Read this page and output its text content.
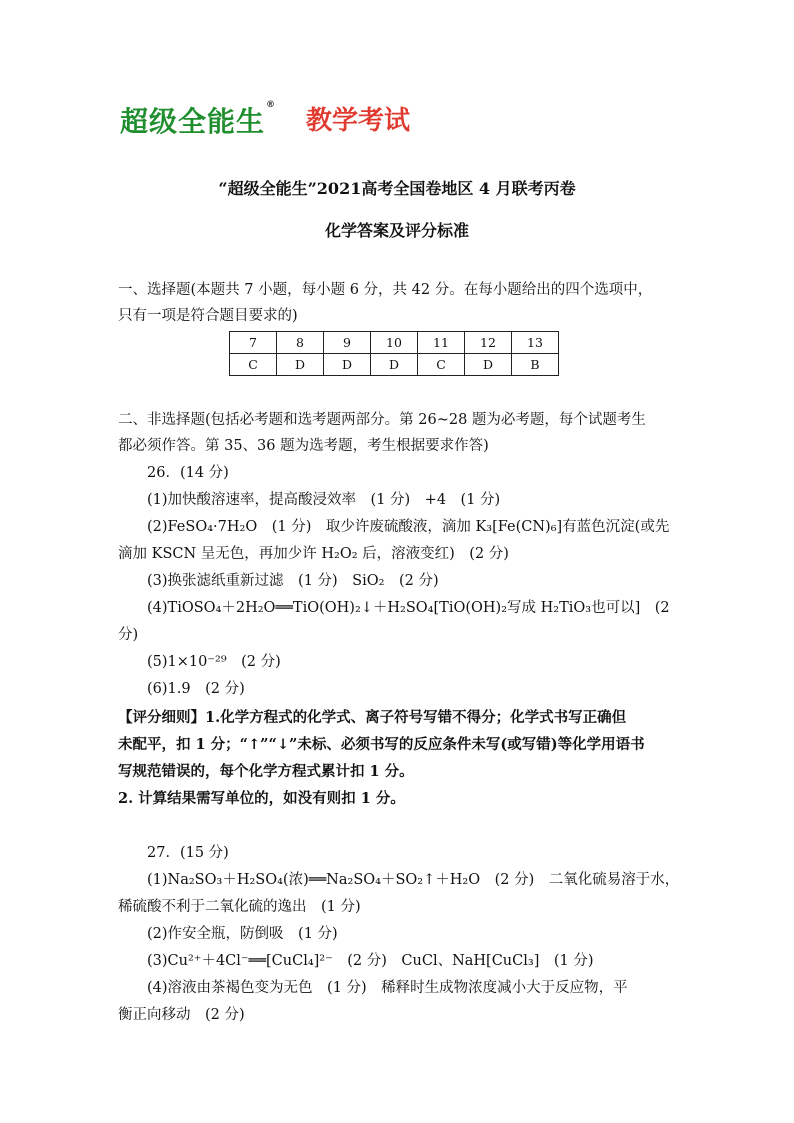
超级全能生®
教学考试
“超级全能生”2021高考全国卷地区 4 月联考丙卷
化学答案及评分标准
一、选择题(本题共 7 小题，每小题 6 分，共 42 分。在每小题给出的四个选项中，
只有一项是符合题目要求的)
7	8	9	10	11	12	13
C	D	D	D	C	D	B
二、非选择题(包括必考题和选考题两部分。第 26~28 题为必考题，每个试题考生
都必须作答。第 35、36 题为选考题，考生根据要求作答)
26．(14 分)
(1)加快酸溶速率，提高酸浸效率　(1 分)　+4　(1 分)
(2)FeSO₄·7H₂O　(1 分)　取少许废硫酸液，滴加 K₃[Fe(CN)₆]有蓝色沉淀(或先
滴加 KSCN 呈无色，再加少许 H₂O₂ 后，溶液变红)　(2 分)
(3)换张滤纸重新过滤　(1 分)　SiO₂　(2 分)
(4)TiOSO₄＋2H₂O══TiO(OH)₂↓＋H₂SO₄[TiO(OH)₂写成 H₂TiO₃也可以]　(2
分)
(5)1×10⁻²⁹　(2 分)
(6)1.9　(2 分)
【评分细则】1.化学方程式的化学式、离子符号写错不得分；化学式书写正确但
未配平，扣 1 分；“↑”“↓”未标、必须书写的反应条件未写(或写错)等化学用语书
写规范错误的，每个化学方程式累计扣 1 分。
2. 计算结果需写单位的，如没有则扣 1 分。
27．(15 分)
(1)Na₂SO₃＋H₂SO₄(浓)══Na₂SO₄＋SO₂↑＋H₂O　(2 分)　二氧化硫易溶于水，
稀硫酸不利于二氧化硫的逸出　(1 分)
(2)作安全瓶，防倒吸　(1 分)
(3)Cu²⁺＋4Cl⁻══[CuCl₄]²⁻　(2 分)　CuCl、NaH[CuCl₃]　(1 分)
(4)溶液由茶褐色变为无色　(1 分)　稀释时生成物浓度减小大于反应物，平
衡正向移动　(2 分)
